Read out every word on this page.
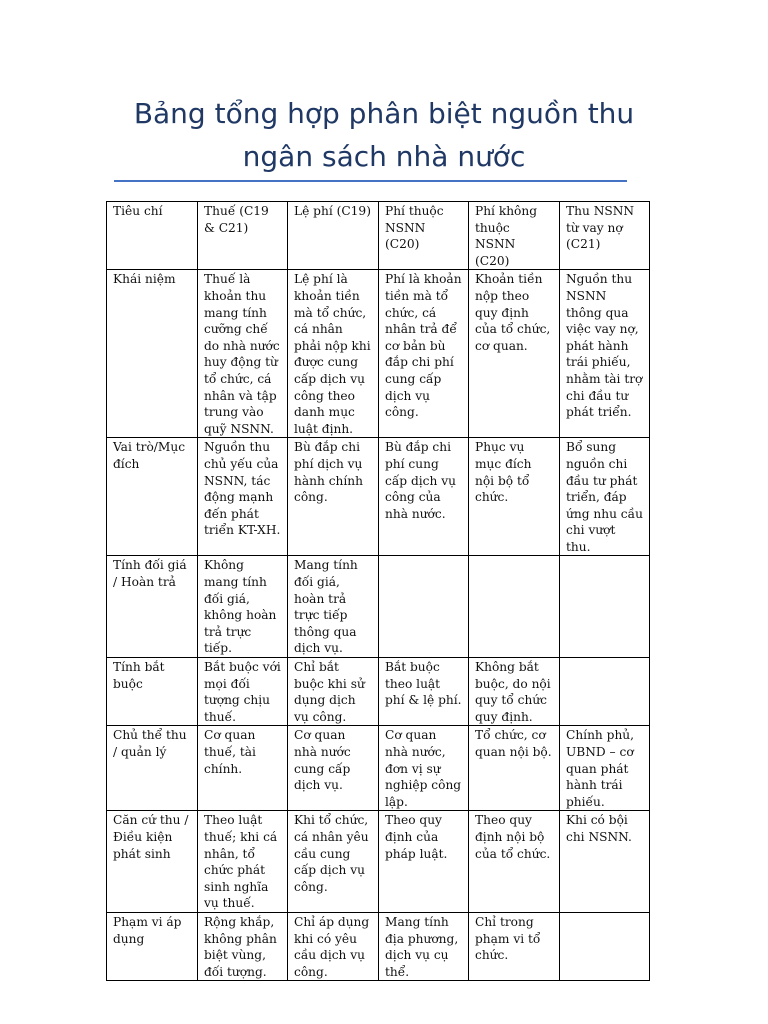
Bảng tổng hợp phân biệt nguồn thu
ngân sách nhà nước
Tiêu chí	Thuế (C19 & C21)	Lệ phí (C19)	Phí thuộc NSNN (C20)	Phí không thuộc NSNN (C20)	Thu NSNN từ vay nợ (C21)
Khái niệm	Thuế là khoản thu mang tính cưỡng chế do nhà nước huy động từ tổ chức, cá nhân và tập trung vào quỹ NSNN.	Lệ phí là khoản tiền mà tổ chức, cá nhân phải nộp khi được cung cấp dịch vụ công theo danh mục luật định.	Phí là khoản tiền mà tổ chức, cá nhân trả để cơ bản bù đắp chi phí cung cấp dịch vụ công.	Khoản tiền nộp theo quy định của tổ chức, cơ quan.	Nguồn thu NSNN thông qua việc vay nợ, phát hành trái phiếu, nhằm tài trợ chi đầu tư phát triển.
Vai trò/Mục đích	Nguồn thu chủ yếu của NSNN, tác động mạnh đến phát triển KT-XH.	Bù đắp chi phí dịch vụ hành chính công.	Bù đắp chi phí cung cấp dịch vụ công của nhà nước.	Phục vụ mục đích nội bộ tổ chức.	Bổ sung nguồn chi đầu tư phát triển, đáp ứng nhu cầu chi vượt thu.
Tính đối giá / Hoàn trả	Không mang tính đối giá, không hoàn trả trực tiếp.	Mang tính đối giá, hoàn trả trực tiếp thông qua dịch vụ.			
Tính bắt buộc	Bắt buộc với mọi đối tượng chịu thuế.	Chỉ bắt buộc khi sử dụng dịch vụ công.	Bắt buộc theo luật phí & lệ phí.	Không bắt buộc, do nội quy tổ chức quy định.	
Chủ thể thu / quản lý	Cơ quan thuế, tài chính.	Cơ quan nhà nước cung cấp dịch vụ.	Cơ quan nhà nước, đơn vị sự nghiệp công lập.	Tổ chức, cơ quan nội bộ.	Chính phủ, UBND – cơ quan phát hành trái phiếu.
Căn cứ thu / Điều kiện phát sinh	Theo luật thuế; khi cá nhân, tổ chức phát sinh nghĩa vụ thuế.	Khi tổ chức, cá nhân yêu cầu cung cấp dịch vụ công.	Theo quy định của pháp luật.	Theo quy định nội bộ của tổ chức.	Khi có bội chi NSNN.
Phạm vi áp dụng	Rộng khắp, không phân biệt vùng, đối tượng.	Chỉ áp dụng khi có yêu cầu dịch vụ công.	Mang tính địa phương, dịch vụ cụ thể.	Chỉ trong phạm vi tổ chức.	
